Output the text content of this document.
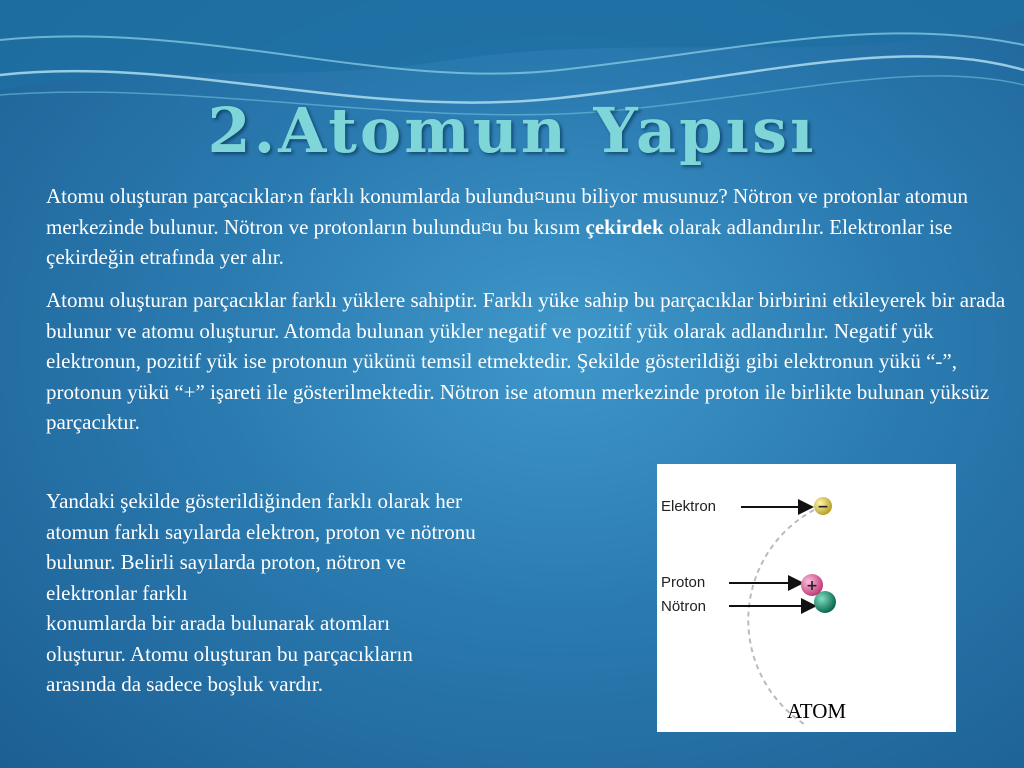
2.Atomun Yapısı

Atomu oluşturan parçacıklar›n farklı konumlarda bulundu¤unu biliyor musunuz? Nötron ve protonlar atomun merkezinde bulunur. Nötron ve protonların bulundu¤u bu kısım çekirdek olarak adlandırılır. Elektronlar ise çekirdeğin etrafında yer alır.

Atomu oluşturan parçacıklar farklı yüklere sahiptir. Farklı yüke sahip bu parçacıklar birbirini etkileyerek bir arada bulunur ve atomu oluşturur. Atomda bulunan yükler negatif ve pozitif yük olarak adlandırılır. Negatif yük elektronun, pozitif yük ise protonun yükünü temsil etmektedir. Şekilde gösterildiği gibi elektronun yükü “-”, protonun yükü “+” işareti ile gösterilmektedir. Nötron ise atomun merkezinde proton ile birlikte bulunan yüksüz parçacıktır.

Yandaki şekilde gösterildiğinden farklı olarak her
atomun farklı sayılarda elektron, proton ve nötronu
bulunur. Belirli sayılarda proton, nötron ve
elektronlar farklı
konumlarda bir arada bulunarak atomları
oluşturur. Atomu oluşturan bu parçacıkların
arasında da sadece boşluk vardır.

Elektron
Proton
Nötron
−
+
ATOM
